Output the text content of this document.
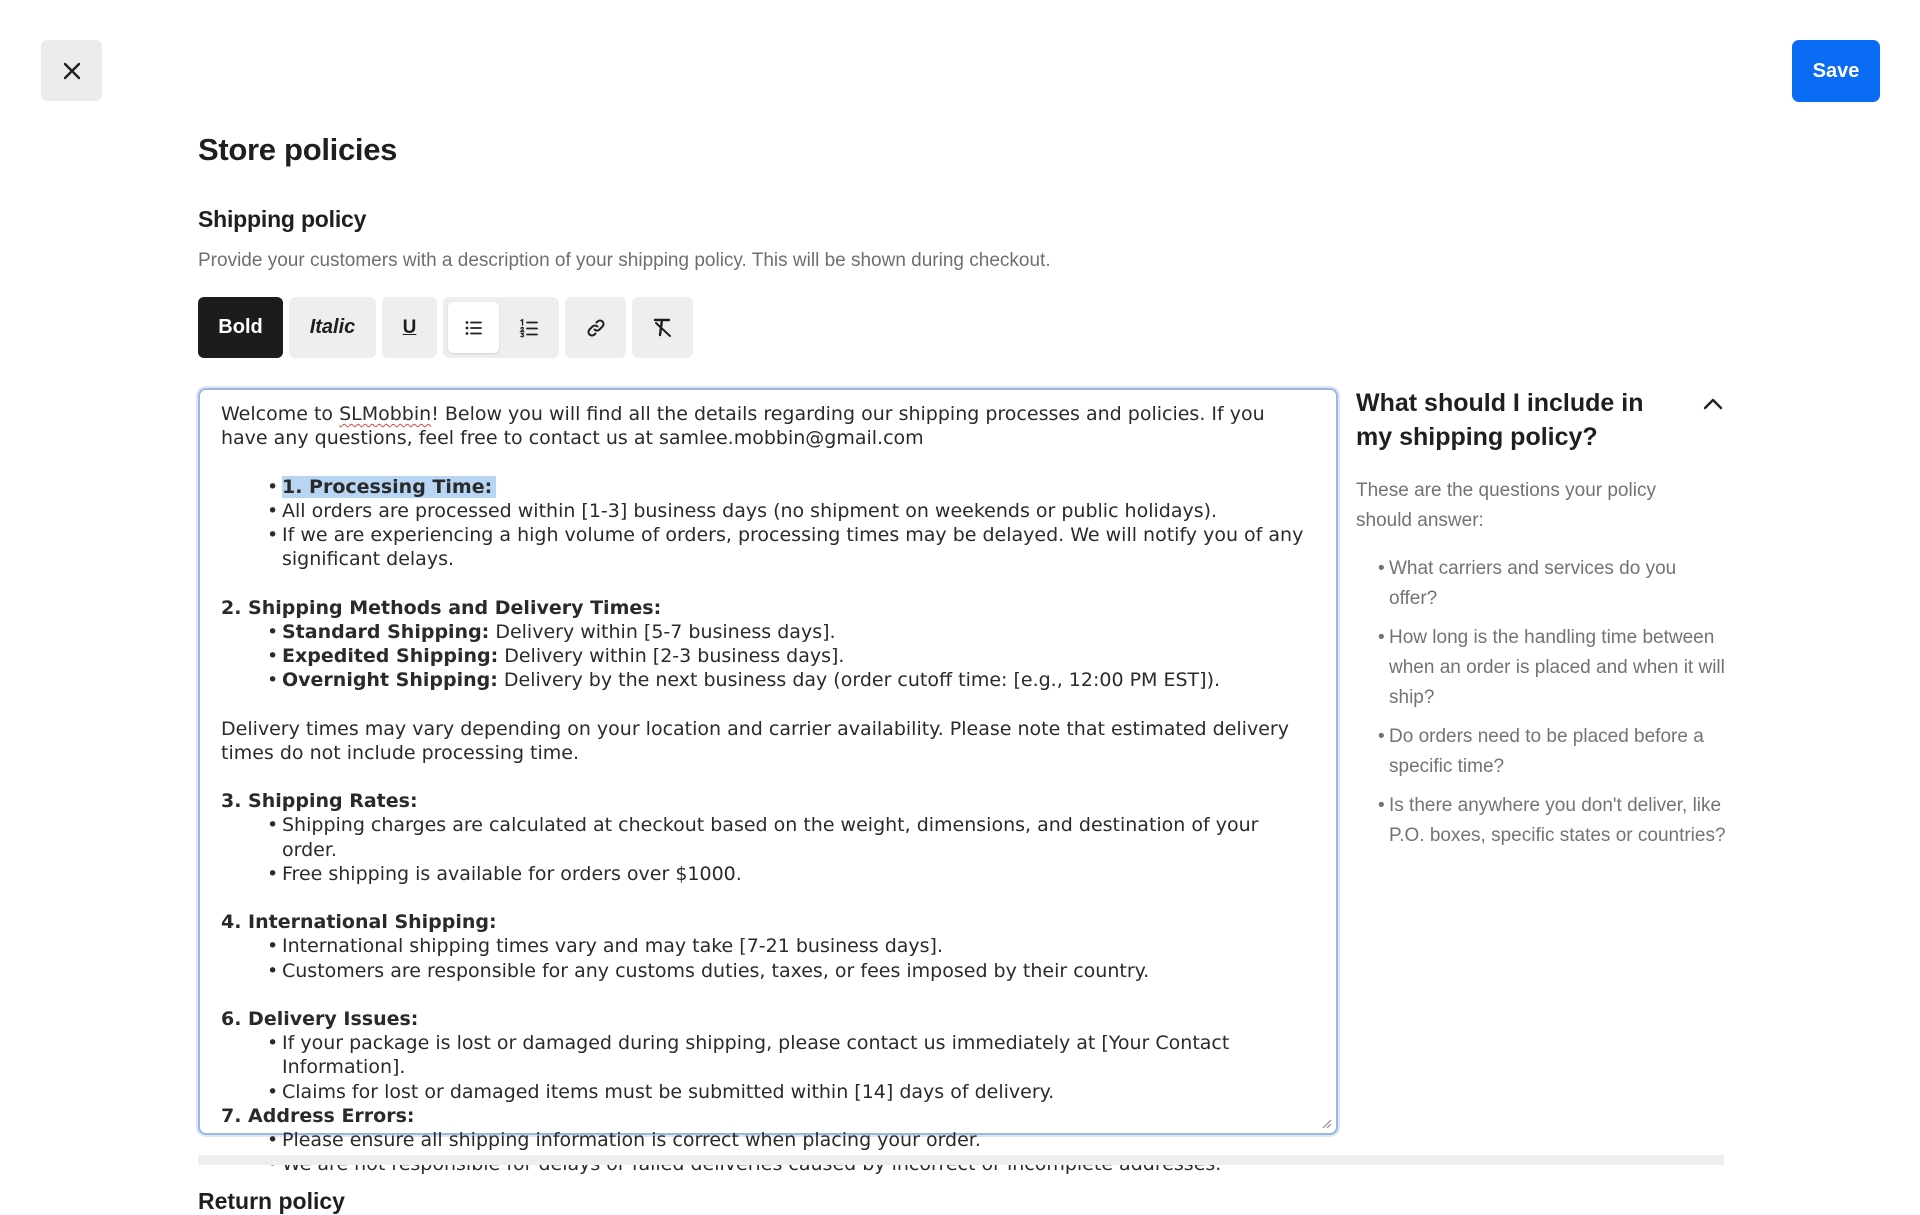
Save
Store policies
Shipping policy

Provide your customers with a description of your shipping policy. This will be shown during checkout.

Bold	Italic	U

Welcome to SLMobbin! Below you will find all the details regarding our shipping processes and policies. If you have any questions, feel free to contact us at samlee.mobbin@gmail.com

• 1. Processing Time:
• All orders are processed within [1-3] business days (no shipment on weekends or public holidays).
• If we are experiencing a high volume of orders, processing times may be delayed. We will notify you of any significant delays.

2. Shipping Methods and Delivery Times:

• Standard Shipping: Delivery within [5-7 business days].
• Expedited Shipping: Delivery within [2-3 business days].
• Overnight Shipping: Delivery by the next business day (order cutoff time: [e.g., 12:00 PM EST]).

Delivery times may vary depending on your location and carrier availability. Please note that estimated delivery times do not include processing time.

3. Shipping Rates:

• Shipping charges are calculated at checkout based on the weight, dimensions, and destination of your order.
• Free shipping is available for orders over $1000.

4. International Shipping:

• International shipping times vary and may take [7-21 business days].
• Customers are responsible for any customs duties, taxes, or fees imposed by their country.

6. Delivery Issues:

• If your package is lost or damaged during shipping, please contact us immediately at [Your Contact Information].
• Claims for lost or damaged items must be submitted within [14] days of delivery.

7. Address Errors:

• Please ensure all shipping information is correct when placing your order.
•
What should I include in my shipping policy?

These are the questions your policy should answer:

• What carriers and services do you offer?
• How long is the handling time between when an order is placed and when it will ship?
• Do orders need to be placed before a specific time?
• Is there anywhere you don't deliver, like P.O. boxes, specific states or countries?
Return policy
